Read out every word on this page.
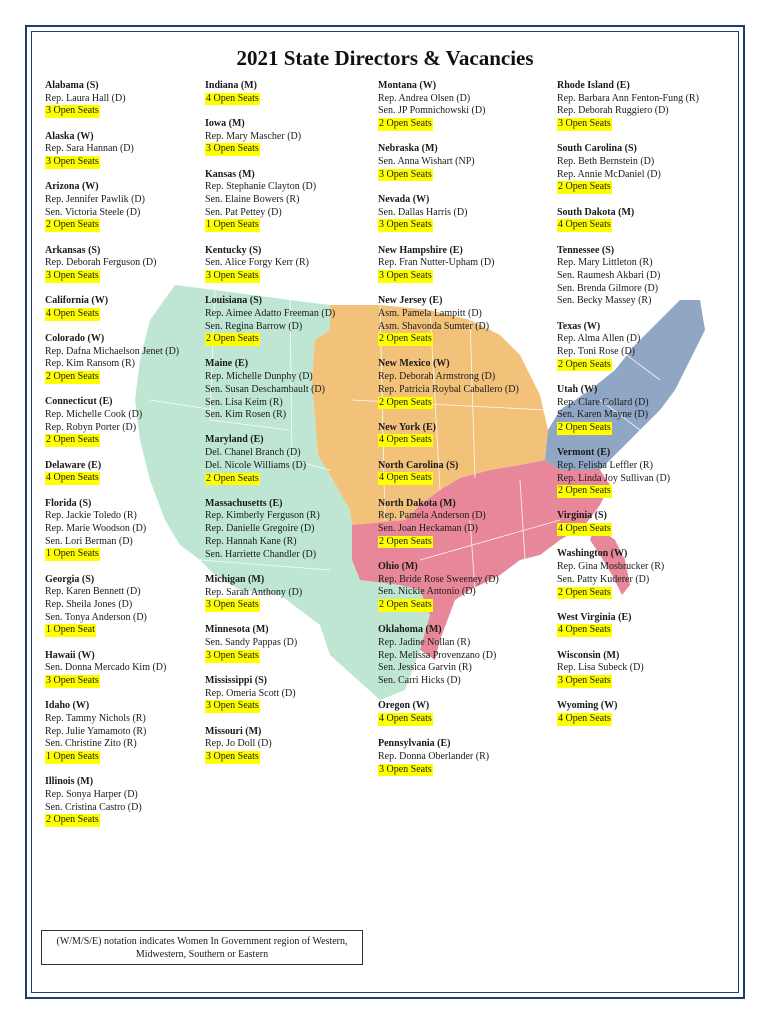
2021 State Directors & Vacancies
Alabama (S)
Rep. Laura Hall (D)
3 Open Seats
Alaska (W)
Rep. Sara Hannan (D)
3 Open Seats
Arizona (W)
Rep. Jennifer Pawlik (D)
Sen. Victoria Steele (D)
2 Open Seats
Arkansas (S)
Rep. Deborah Ferguson (D)
3 Open Seats
California (W)
4 Open Seats
Colorado (W)
Rep. Dafna Michaelson Jenet (D)
Rep. Kim Ransom (R)
2 Open Seats
Connecticut (E)
Rep. Michelle Cook (D)
Rep. Robyn Porter (D)
2 Open Seats
Delaware (E)
4 Open Seats
Florida (S)
Rep. Jackie Toledo (R)
Rep. Marie Woodson (D)
Sen. Lori Berman (D)
1 Open Seats
Georgia (S)
Rep. Karen Bennett (D)
Rep. Sheila Jones (D)
Sen. Tonya Anderson (D)
1 Open Seat
Hawaii (W)
Sen. Donna Mercado Kim (D)
3 Open Seats
Idaho (W)
Rep. Tammy Nichols (R)
Rep. Julie Yamamoto (R)
Sen. Christine Zito (R)
1 Open Seats
Illinois (M)
Rep. Sonya Harper (D)
Sen. Cristina Castro (D)
2 Open Seats
Indiana (M)
4 Open Seats
Iowa (M)
Rep. Mary Mascher (D)
3 Open Seats
Kansas (M)
Rep. Stephanie Clayton (D)
Sen. Elaine Bowers (R)
Sen. Pat Pettey (D)
1 Open Seats
Kentucky (S)
Sen. Alice Forgy Kerr (R)
3 Open Seats
Louisiana (S)
Rep. Aimee Adatto Freeman (D)
Sen. Regina Barrow (D)
2 Open Seats
Maine (E)
Rep. Michelle Dunphy (D)
Sen. Susan Deschambault (D)
Sen. Lisa Keim (R)
Sen. Kim Rosen (R)
Maryland (E)
Del. Chanel Branch (D)
Del. Nicole Williams (D)
2 Open Seats
Massachusetts (E)
Rep. Kimberly Ferguson (R)
Rep. Danielle Gregoire (D)
Rep. Hannah Kane (R)
Sen. Harriette Chandler (D)
Michigan (M)
Rep. Sarah Anthony (D)
3 Open Seats
Minnesota (M)
Sen. Sandy Pappas (D)
3 Open Seats
Mississippi (S)
Rep. Omeria Scott (D)
3 Open Seats
Missouri (M)
Rep. Jo Doll (D)
3 Open Seats
Montana (W)
Rep. Andrea Olsen (D)
Sen. JP Pomnichowski (D)
2 Open Seats
Nebraska (M)
Sen. Anna Wishart (NP)
3 Open Seats
Nevada (W)
Sen. Dallas Harris (D)
3 Open Seats
New Hampshire (E)
Rep. Fran Nutter-Upham (D)
3 Open Seats
New Jersey (E)
Asm. Pamela Lampitt (D)
Asm. Shavonda Sumter (D)
2 Open Seats
New Mexico (W)
Rep. Deborah Armstrong (D)
Rep. Patricia Roybal Caballero (D)
2 Open Seats
New York (E)
4 Open Seats
North Carolina (S)
4 Open Seats
North Dakota (M)
Rep. Pamela Anderson (D)
Sen. Joan Heckaman (D)
2 Open Seats
Ohio (M)
Rep. Bride Rose Sweeney (D)
Sen. Nickie Antonio (D)
2 Open Seats
Oklahoma (M)
Rep. Jadine Nollan (R)
Rep. Melissa Provenzano (D)
Sen. Jessica Garvin (R)
Sen. Carri Hicks (D)
Oregon (W)
4 Open Seats
Pennsylvania (E)
Rep. Donna Oberlander (R)
3 Open Seats
Rhode Island (E)
Rep. Barbara Ann Fenton-Fung (R)
Rep. Deborah Ruggiero (D)
3 Open Seats
South Carolina (S)
Rep. Beth Bernstein (D)
Rep. Annie McDaniel (D)
2 Open Seats
South Dakota (M)
4 Open Seats
Tennessee (S)
Rep. Mary Littleton (R)
Sen. Raumesh Akbari (D)
Sen. Brenda Gilmore (D)
Sen. Becky Massey (R)
Texas (W)
Rep. Alma Allen (D)
Rep. Toni Rose (D)
2 Open Seats
Utah (W)
Rep. Clare Collard (D)
Sen. Karen Mayne (D)
2 Open Seats
Vermont (E)
Rep. Felisha Leffler (R)
Rep. Linda Joy Sullivan (D)
2 Open Seats
Virginia (S)
4 Open Seats
Washington (W)
Rep. Gina Mosbrucker (R)
Sen. Patty Kuderer (D)
2 Open Seats
West Virginia (E)
4 Open Seats
Wisconsin (M)
Rep. Lisa Subeck (D)
3 Open Seats
Wyoming (W)
4 Open Seats
(W/M/S/E) notation indicates Women In Government region of Western, Midwestern, Southern or Eastern
